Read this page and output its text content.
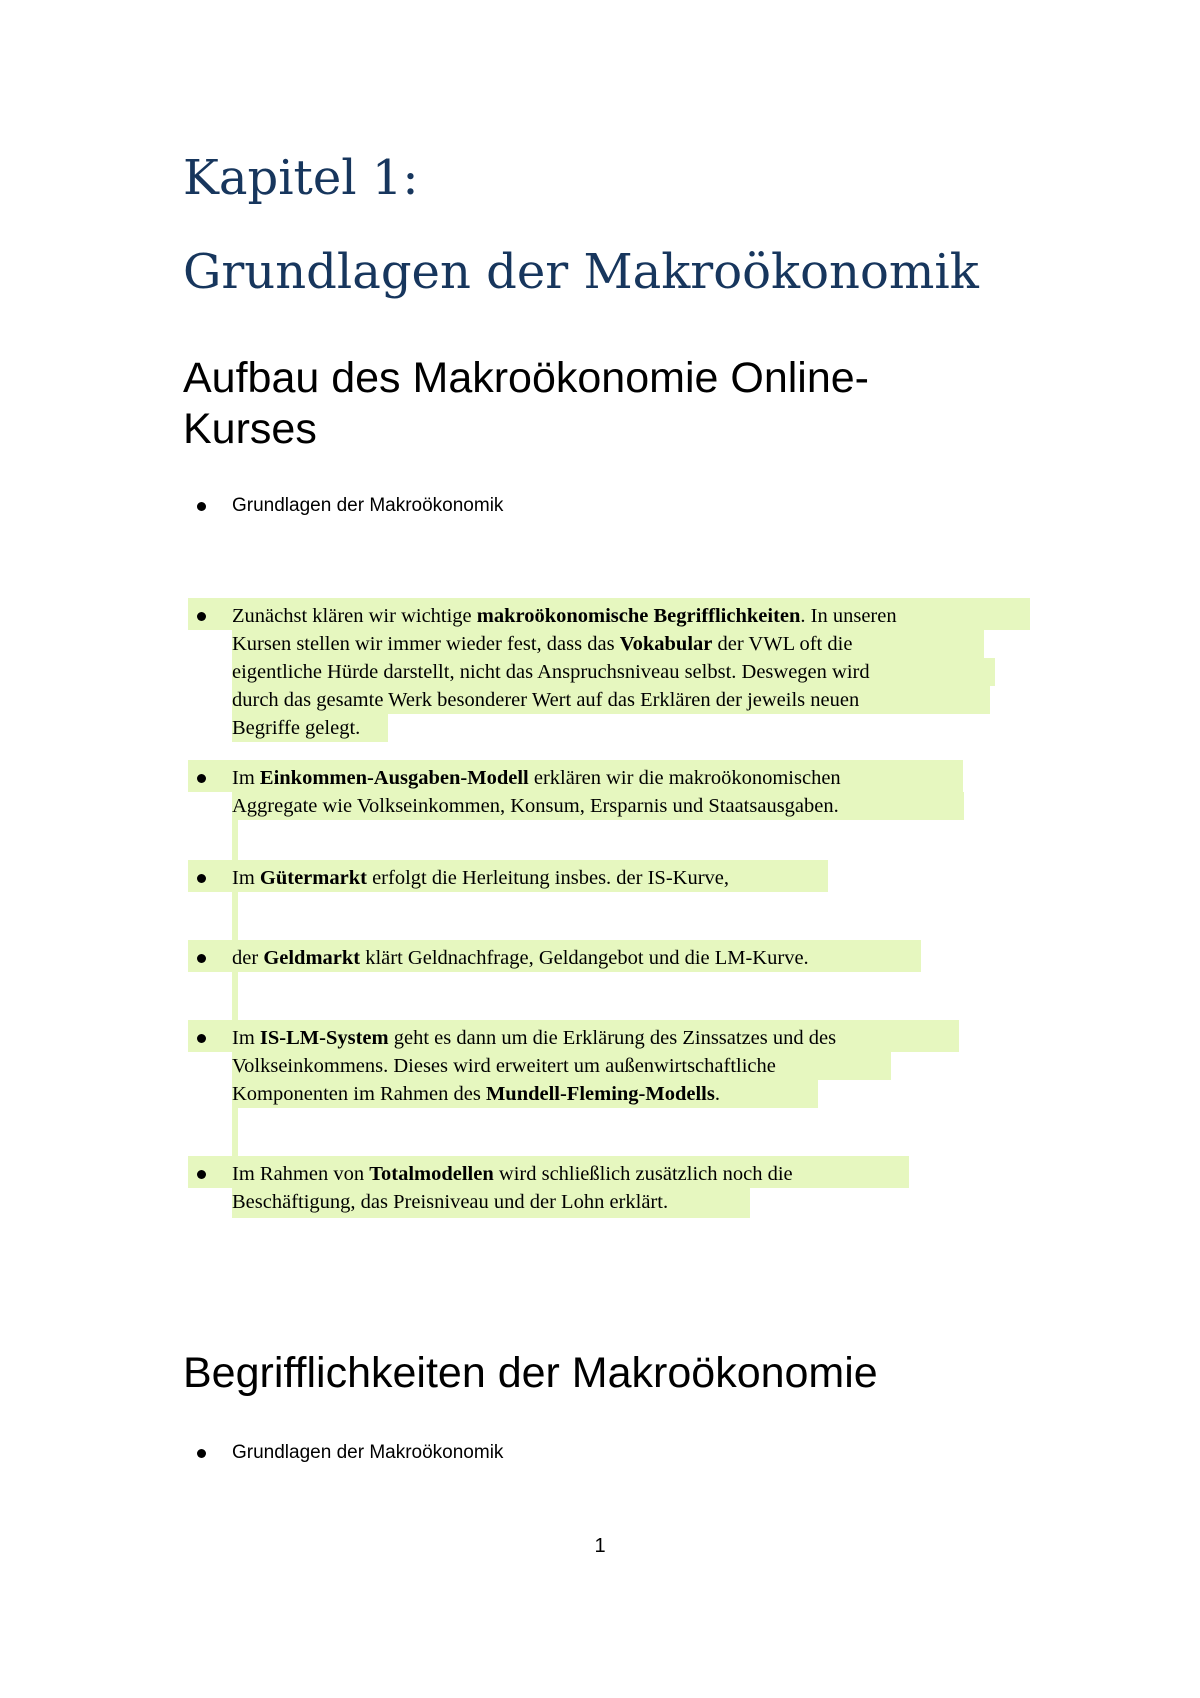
Kapitel 1:
Grundlagen der Makroökonomik
Aufbau des Makroökonomie Online-
Kurses

Grundlagen der Makroökonomik

Zunächst klären wir wichtige makroökonomische Begrifflichkeiten. In unseren

Kursen stellen wir immer wieder fest, dass das Vokabular der VWL oft die

eigentliche Hürde darstellt, nicht das Anspruchsniveau selbst. Deswegen wird

durch das gesamte Werk besonderer Wert auf das Erklären der jeweils neuen

Begriffe gelegt.

Im Einkommen-Ausgaben-Modell erklären wir die makroökonomischen

Aggregate wie Volkseinkommen, Konsum, Ersparnis und Staatsausgaben.

Im Gütermarkt erfolgt die Herleitung insbes. der IS-Kurve,

der Geldmarkt klärt Geldnachfrage, Geldangebot und die LM-Kurve.

Im IS-LM-System geht es dann um die Erklärung des Zinssatzes und des

Volkseinkommens. Dieses wird erweitert um außenwirtschaftliche

Komponenten im Rahmen des Mundell-Fleming-Modells.

Im Rahmen von Totalmodellen wird schließlich zusätzlich noch die

Beschäftigung, das Preisniveau und der Lohn erklärt.

Begrifflichkeiten der Makroökonomie

Grundlagen der Makroökonomik

1
